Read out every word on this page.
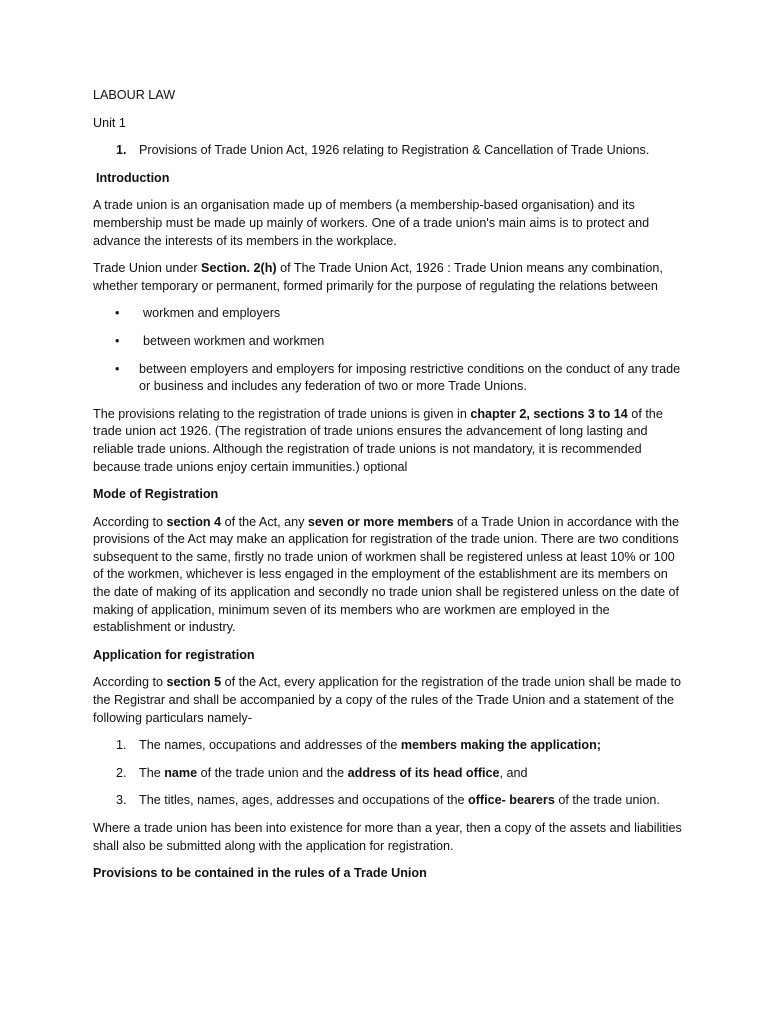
LABOUR LAW

Unit 1

1. Provisions of Trade Union Act, 1926 relating to Registration & Cancellation of Trade Unions.

Introduction

A trade union is an organisation made up of members (a membership-based organisation) and its membership must be made up mainly of workers. One of a trade union's main aims is to protect and advance the interests of its members in the workplace.

Trade Union under Section. 2(h) of The Trade Union Act, 1926 : Trade Union means any combination, whether temporary or permanent, formed primarily for the purpose of regulating the relations between

•	workmen and employers
•	between workmen and workmen
•	between employers and employers for imposing restrictive conditions on the conduct of any trade or business and includes any federation of two or more Trade Unions.

The provisions relating to the registration of trade unions is given in chapter 2, sections 3 to 14 of the trade union act 1926. (The registration of trade unions ensures the advancement of long lasting and reliable trade unions. Although the registration of trade unions is not mandatory, it is recommended because trade unions enjoy certain immunities.) optional

Mode of Registration

According to section 4 of the Act, any seven or more members of a Trade Union in accordance with the provisions of the Act may make an application for registration of the trade union. There are two conditions subsequent to the same, firstly no trade union of workmen shall be registered unless at least 10% or 100 of the workmen, whichever is less engaged in the employment of the establishment are its members on the date of making of its application and secondly no trade union shall be registered unless on the date of making of application, minimum seven of its members who are workmen are employed in the establishment or industry.

Application for registration

According to section 5 of the Act, every application for the registration of the trade union shall be made to the Registrar and shall be accompanied by a copy of the rules of the Trade Union and a statement of the following particulars namely-

1. The names, occupations and addresses of the members making the application;
2. The name of the trade union and the address of its head office, and
3. The titles, names, ages, addresses and occupations of the office- bearers of the trade union.

Where a trade union has been into existence for more than a year, then a copy of the assets and liabilities shall also be submitted along with the application for registration.

Provisions to be contained in the rules of a Trade Union
